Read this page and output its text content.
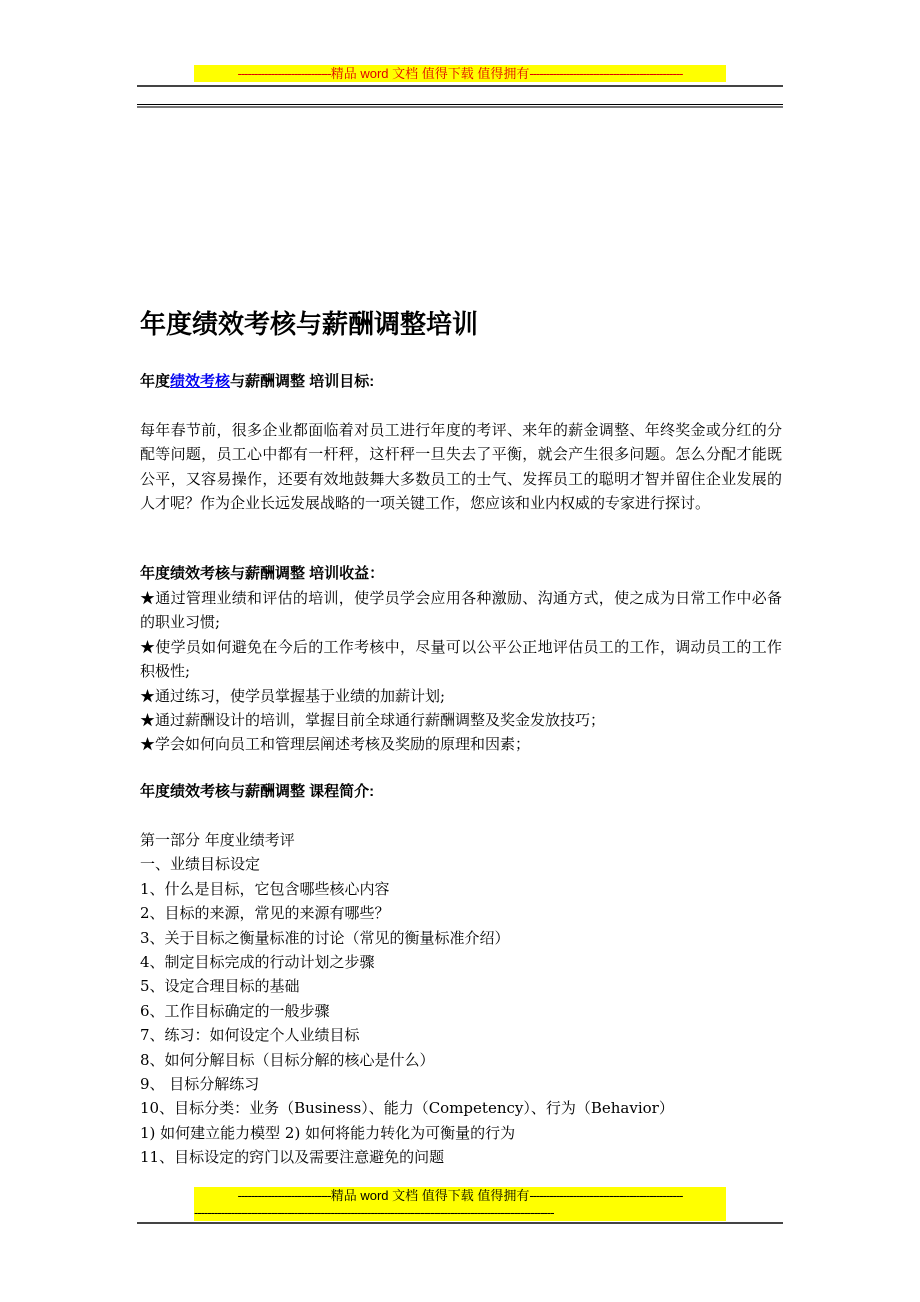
----------------------------精品 word 文档 值得下载 值得拥有----------------------------------------------
年度绩效考核与薪酬调整培训
年度绩效考核与薪酬调整 培训目标:
每年春节前，很多企业都面临着对员工进行年度的考评、来年的薪金调整、年终奖金或分红的分配等问题，员工心中都有一杆秤，这杆秤一旦失去了平衡，就会产生很多问题。怎么分配才能既公平，又容易操作，还要有效地鼓舞大多数员工的士气、发挥员工的聪明才智并留住企业发展的人才呢？作为企业长远发展战略的一项关键工作，您应该和业内权威的专家进行探讨。
年度绩效考核与薪酬调整 培训收益：

★通过管理业绩和评估的培训，使学员学会应用各种激励、沟通方式，使之成为日常工作中必备的职业习惯;

★使学员如何避免在今后的工作考核中，尽量可以公平公正地评估员工的工作，调动员工的工作积极性;

★通过练习，使学员掌握基于业绩的加薪计划;

★通过薪酬设计的培训，掌握目前全球通行薪酬调整及奖金发放技巧；

★学会如何向员工和管理层阐述考核及奖励的原理和因素；

年度绩效考核与薪酬调整 课程简介:

第一部分 年度业绩考评

一、业绩目标设定

1、什么是目标，它包含哪些核心内容

2、目标的来源，常见的来源有哪些？

3、关于目标之衡量标准的讨论（常见的衡量标准介绍）

4、制定目标完成的行动计划之步骤

5、设定合理目标的基础

6、工作目标确定的一般步骤

7、练习：如何设定个人业绩目标

8、如何分解目标（目标分解的核心是什么）

9、 目标分解练习

10、目标分类：业务（Business）、能力（Competency）、行为（Behavior）

1) 如何建立能力模型 2) 如何将能力转化为可衡量的行为

11、目标设定的窍门以及需要注意避免的问题

----------------------------精品 word 文档 值得下载 值得拥有----------------------------------------------
------------------------------------------------------------------------------------------------------------
